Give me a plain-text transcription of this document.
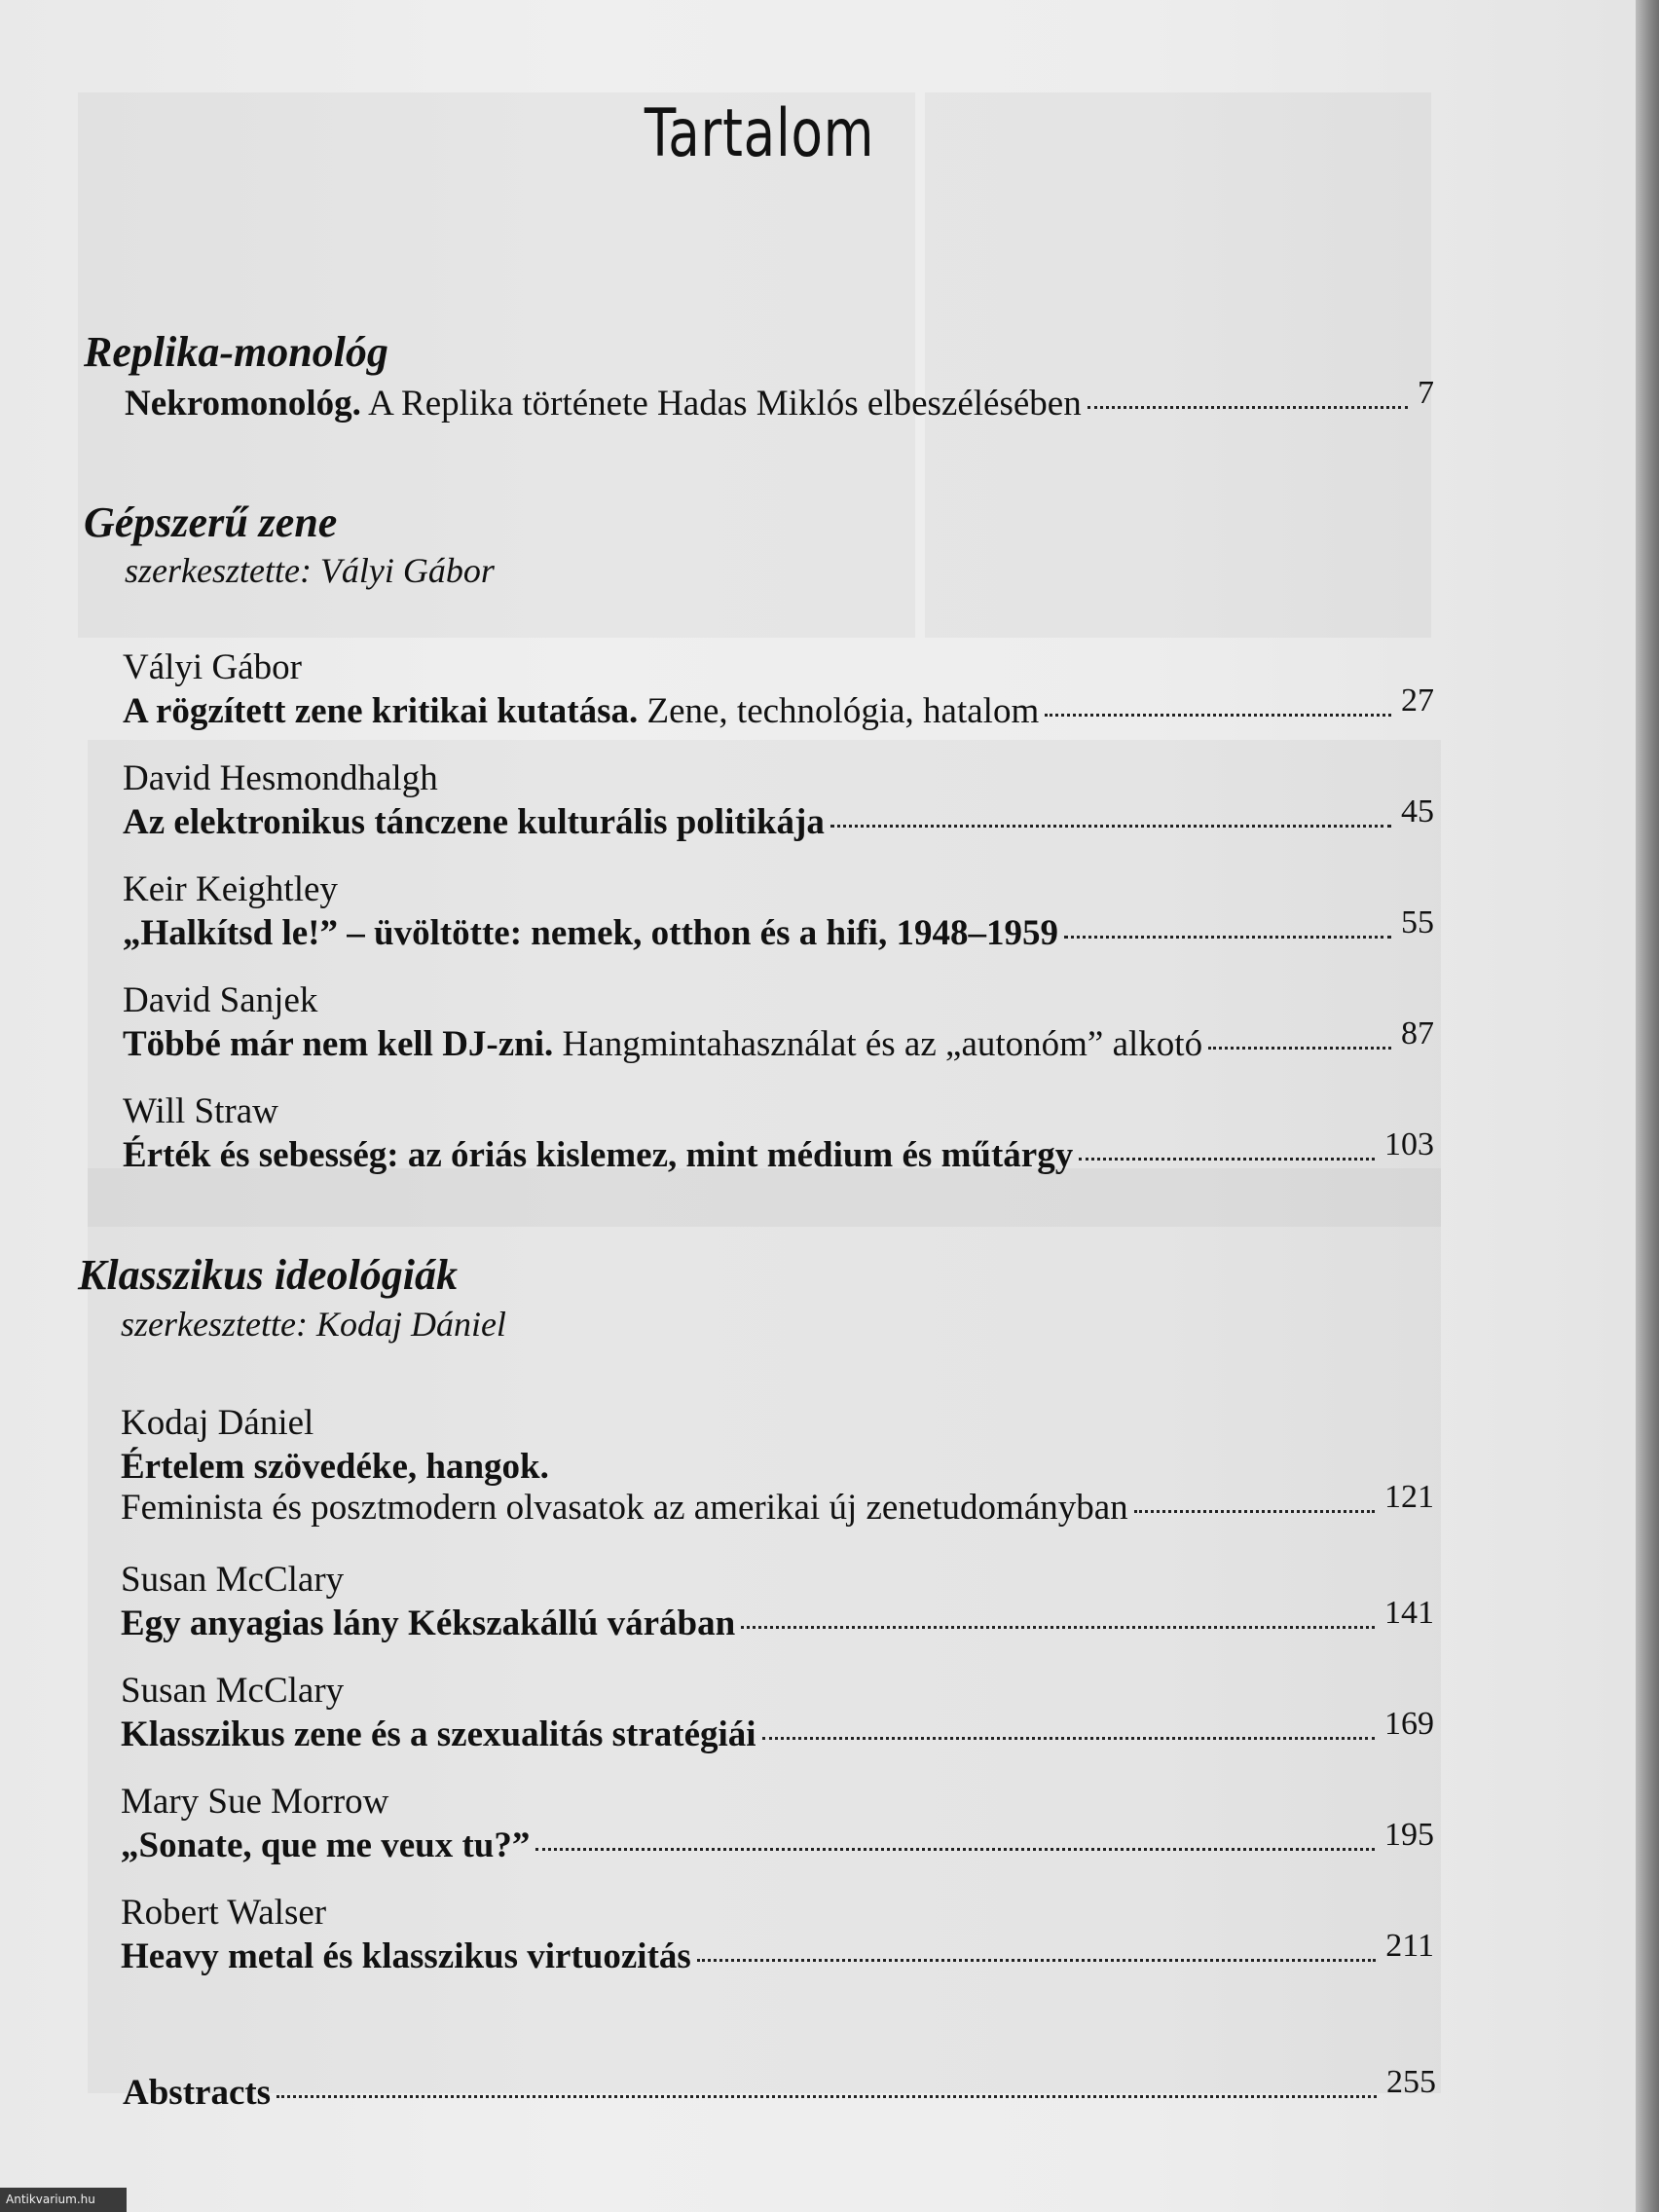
Tartalom
Replika-monológ
Nekromonológ. A Replika története Hadas Miklós elbeszélésében	7
Gépszerű zene
szerkesztette: Vályi Gábor
Vályi Gábor
A rögzített zene kritikai kutatása. Zene, technológia, hatalom	27
David Hesmondhalgh
Az elektronikus tánczene kulturális politikája	45
Keir Keightley
„Halkítsd le!” – üvöltötte: nemek, otthon és a hifi, 1948–1959	55
David Sanjek
Többé már nem kell DJ-zni. Hangmintahasználat és az „autonóm” alkotó	87
Will Straw
Érték és sebesség: az óriás kislemez, mint médium és műtárgy	103
Klasszikus ideológiák
szerkesztette: Kodaj Dániel
Kodaj Dániel
Értelem szövedéke, hangok.
Feminista és posztmodern olvasatok az amerikai új zenetudományban	121
Susan McClary
Egy anyagias lány Kékszakállú várában	141
Susan McClary
Klasszikus zene és a szexualitás stratégiái	169
Mary Sue Morrow
„Sonate, que me veux tu?”	195
Robert Walser
Heavy metal és klasszikus virtuozitás	211
Abstracts	255
Antikvarium.hu
